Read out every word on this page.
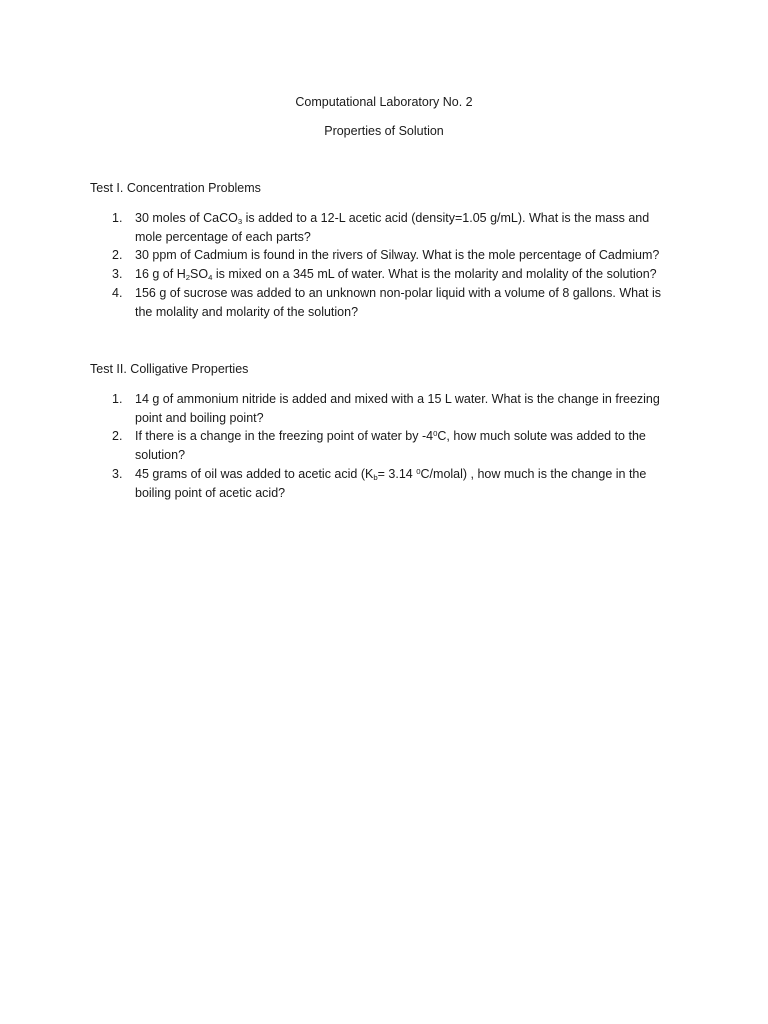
Computational Laboratory No. 2
Properties of Solution

Test I. Concentration Problems

1. 30 moles of CaCO$_3$ is added to a 12-L acetic acid (density=1.05 g/mL). What is the mass and mole percentage of each parts?
2. 30 ppm of Cadmium is found in the rivers of Silway. What is the mole percentage of Cadmium?
3. 16 g of $H_2SO_4$ is mixed on a 345 mL of water. What is the molarity and molality of the solution?
4. 156 g of sucrose was added to an unknown non-polar liquid with a volume of 8 gallons. What is the molality and molarity of the solution?

Test II. Colligative Properties

1. 14 g of ammonium nitride is added and mixed with a 15 L water. What is the change in freezing point and boiling point?
2. If there is a change in the freezing point of water by $-4^0C$, how much solute was added to the solution?
3. 45 grams of oil was added to acetic acid ($K_b= 3.14$ $^0$C/molal) , how much is the change in the boiling point of acetic acid?
